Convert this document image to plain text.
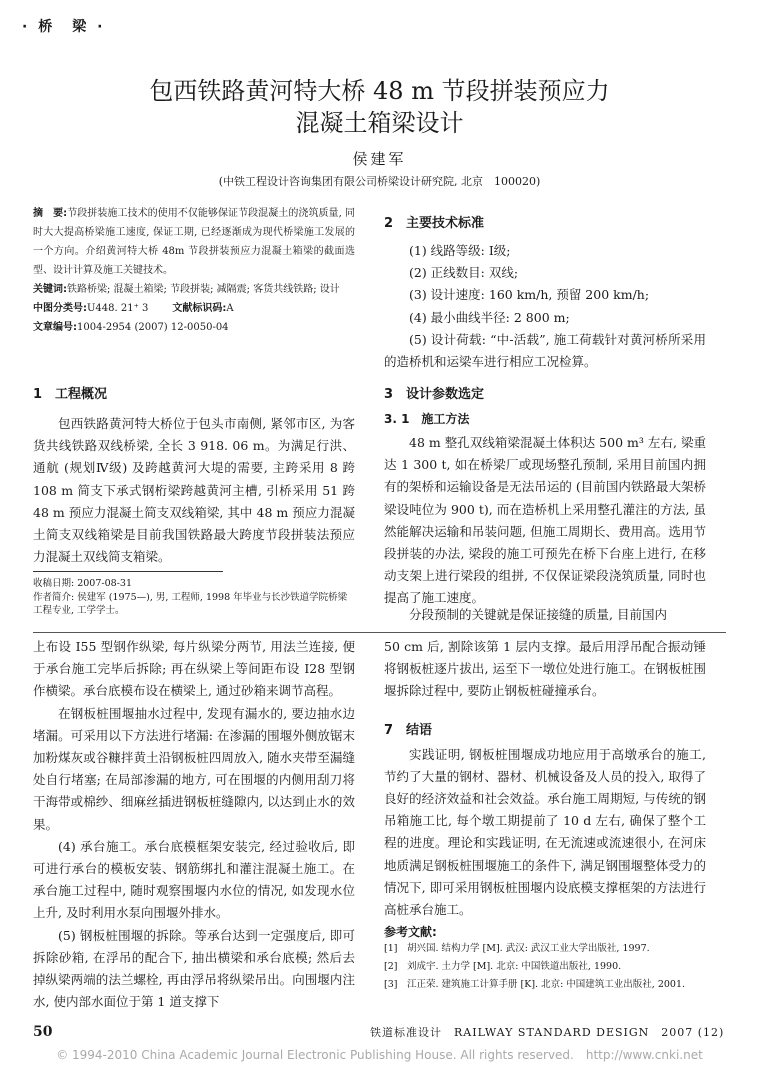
· 桥　梁 ·
包西铁路黄河特大桥 48 m 节段拼装预应力
混凝土箱梁设计
侯建军
(中铁工程设计咨询集团有限公司桥梁设计研究院, 北京　100020)
摘　要:节段拼装施工技术的使用不仅能够保证节段混凝土的浇筑质量, 同时大大提高桥梁施工速度, 保证工期, 已经逐渐成为现代桥梁施工发展的一个方向。介绍黄河特大桥 48m 节段拼装预应力混凝土箱梁的截面选型、设计计算及施工关键技术。
关键词:铁路桥梁; 混凝土箱梁; 节段拼装; 减隔震; 客货共线铁路; 设计
中图分类号:U448. 21⁺ 3 文献标识码:A
文章编号:1004-2954 (2007) 12-0050-04
1　工程概况
包西铁路黄河特大桥位于包头市南侧, 紧邻市区, 为客货共线铁路双线桥梁, 全长 3 918. 06 m。为满足行洪、通航 (规划Ⅳ级) 及跨越黄河大堤的需要, 主跨采用 8 跨 108 m 简支下承式钢桁梁跨越黄河主槽, 引桥采用 51 跨 48 m 预应力混凝土简支双线箱梁, 其中 48 m 预应力混凝土简支双线箱梁是目前我国铁路最大跨度节段拼装法预应力混凝土双线简支箱梁。
收稿日期: 2007-08-31
作者简介: 侯建军 (1975—), 男, 工程师, 1998 年毕业与长沙铁道学院桥梁工程专业, 工学学士。
2　主要技术标准
(1) 线路等级: Ⅰ级;
(2) 正线数目: 双线;
(3) 设计速度: 160 km/h, 预留 200 km/h;
(4) 最小曲线半径: 2 800 m;
(5) 设计荷载: “中-活载”, 施工荷载针对黄河桥所采用的造桥机和运梁车进行相应工况检算。
3　设计参数选定
3. 1　施工方法
48 m 整孔双线箱梁混凝土体积达 500 m³ 左右, 梁重达 1 300 t, 如在桥梁厂或现场整孔预制, 采用目前国内拥有的架桥和运输设备是无法吊运的 (目前国内铁路最大架桥梁设吨位为 900 t), 而在造桥机上采用整孔灌注的方法, 虽然能解决运输和吊装问题, 但施工周期长、费用高。选用节段拼装的办法, 梁段的施工可预先在桥下台座上进行, 在移动支架上进行梁段的组拼, 不仅保证梁段浇筑质量, 同时也提高了施工速度。
分段预制的关键就是保证接缝的质量, 目前国内
上布设 I55 型钢作纵梁, 每片纵梁分两节, 用法兰连接, 便于承台施工完毕后拆除; 再在纵梁上等间距布设 I28 型钢作横梁。承台底模布设在横梁上, 通过砂箱来调节高程。
在钢板桩围堰抽水过程中, 发现有漏水的, 要边抽水边堵漏。可采用以下方法进行堵漏: 在渗漏的围堰外侧放锯末加粉煤灰或谷糠拌黄土沿钢板桩四周放入, 随水夹带至漏缝处自行堵塞; 在局部渗漏的地方, 可在围堰的内侧用刮刀将干海带或棉纱、细麻丝插进钢板桩缝隙内, 以达到止水的效果。
(4) 承台施工。承台底模框架安装完, 经过验收后, 即可进行承台的模板安装、钢筋绑扎和灌注混凝土施工。在承台施工过程中, 随时观察围堰内水位的情况, 如发现水位上升, 及时利用水泵向围堰外排水。
(5) 钢板桩围堰的拆除。等承台达到一定强度后, 即可拆除砂箱, 在浮吊的配合下, 抽出横梁和承台底模; 然后去掉纵梁两端的法兰螺栓, 再由浮吊将纵梁吊出。向围堰内注水, 使内部水面位于第 1 道支撑下
50 cm 后, 割除该第 1 层内支撑。最后用浮吊配合振动锤将钢板桩逐片拔出, 运至下一墩位处进行施工。在钢板桩围堰拆除过程中, 要防止钢板桩碰撞承台。
7　结语
实践证明, 钢板桩围堰成功地应用于高墩承台的施工, 节约了大量的钢材、器材、机械设备及人员的投入, 取得了良好的经济效益和社会效益。承台施工周期短, 与传统的钢吊箱施工比, 每个墩工期提前了 10 d 左右, 确保了整个工程的进度。理论和实践证明, 在无流速或流速很小, 在河床地质满足钢板桩围堰施工的条件下, 满足钢围堰整体受力的情况下, 即可采用钢板桩围堰内设底模支撑框架的方法进行高桩承台施工。
参考文献:
[1]　胡兴国. 结构力学 [M]. 武汉: 武汉工业大学出版社, 1997.
[2]　刘成宇. 土力学 [M]. 北京: 中国铁道出版社, 1990.
[3]　江正荣. 建筑施工计算手册 [K]. 北京: 中国建筑工业出版社, 2001.
50	铁道标准设计　RAILWAY STANDARD DESIGN　2007 (12)
© 1994-2010 China Academic Journal Electronic Publishing House. All rights reserved.　http://www.cnki.net
